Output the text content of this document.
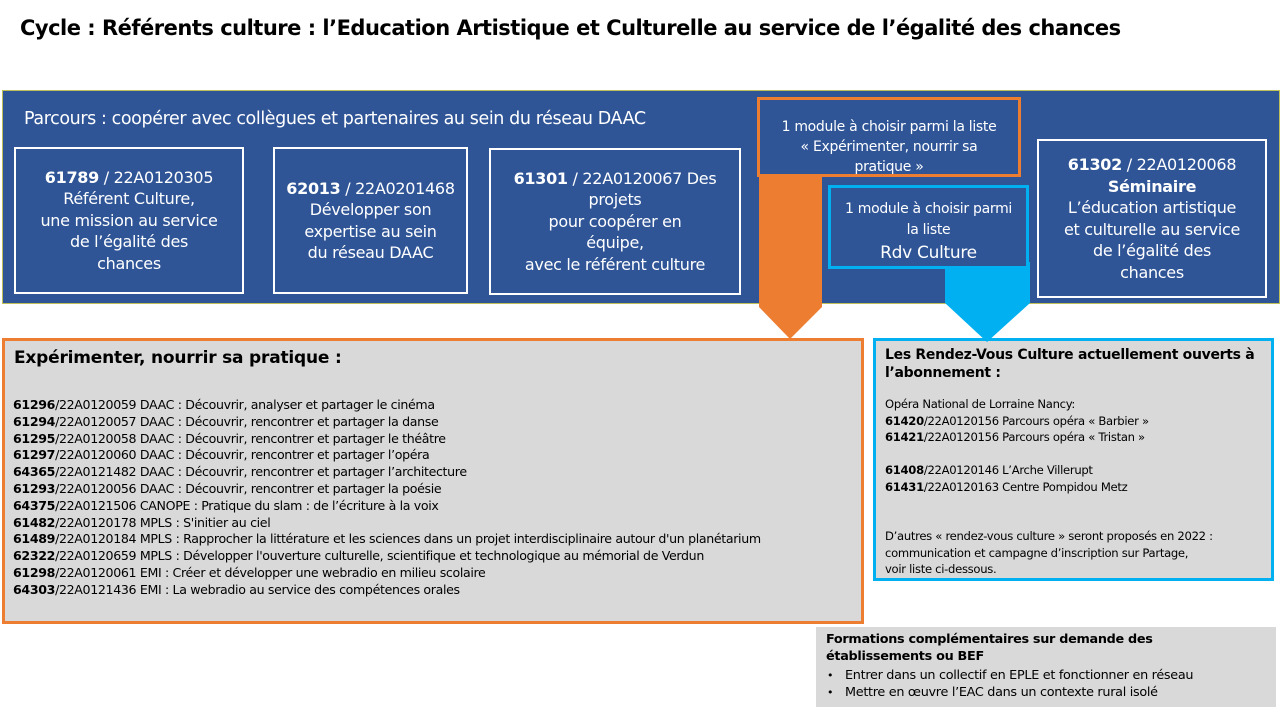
Cycle : Référents culture : l’Education Artistique et Culturelle au service de l’égalité des chances
Parcours : coopérer avec collègues et partenaires au sein du réseau DAAC
61789 / 22A0120305
Référent Culture,
une mission au service
de l’égalité des
chances
62013 / 22A0201468
Développer son
expertise au sein
du réseau DAAC
61301 / 22A0120067 Des
projets
pour coopérer en
équipe,
avec le référent culture
61302 / 22A0120068
Séminaire
L’éducation artistique
et culturelle au service
de l’égalité des
chances
1 module à choisir parmi la liste
« Expérimenter, nourrir sa
pratique »
1 module à choisir parmi
la liste
Rdv Culture
Expérimenter, nourrir sa pratique :
61296/22A0120059 DAAC : Découvrir, analyser et partager le cinéma
61294/22A0120057 DAAC : Découvrir, rencontrer et partager la danse
61295/22A0120058 DAAC : Découvrir, rencontrer et partager le théâtre
61297/22A0120060 DAAC : Découvrir, rencontrer et partager l’opéra
64365/22A0121482 DAAC : Découvrir, rencontrer et partager l’architecture
61293/22A0120056 DAAC : Découvrir, rencontrer et partager la poésie
64375/22A0121506 CANOPE : Pratique du slam : de l’écriture à la voix
61482/22A0120178 MPLS : S'initier au ciel
61489/22A0120184 MPLS : Rapprocher la littérature et les sciences dans un projet interdisciplinaire autour d'un planétarium
62322/22A0120659 MPLS : Développer l'ouverture culturelle, scientifique et technologique au mémorial de Verdun
61298/22A0120061 EMI : Créer et développer une webradio en milieu scolaire
64303/22A0121436 EMI : La webradio au service des compétences orales
Les Rendez-Vous Culture actuellement ouverts à l’abonnement :
Opéra National de Lorraine Nancy:
61420/22A0120156 Parcours opéra « Barbier »
61421/22A0120156 Parcours opéra « Tristan »
61408/22A0120146 L’Arche Villerupt
61431/22A0120163 Centre Pompidou Metz
D’autres « rendez-vous culture » seront proposés en 2022 :
communication et campagne d’inscription sur Partage,
voir liste ci-dessous.
Formations complémentaires sur demande des établissements ou BEF
• Entrer dans un collectif en EPLE et fonctionner en réseau
• Mettre en œuvre l’EAC dans un contexte rural isolé
